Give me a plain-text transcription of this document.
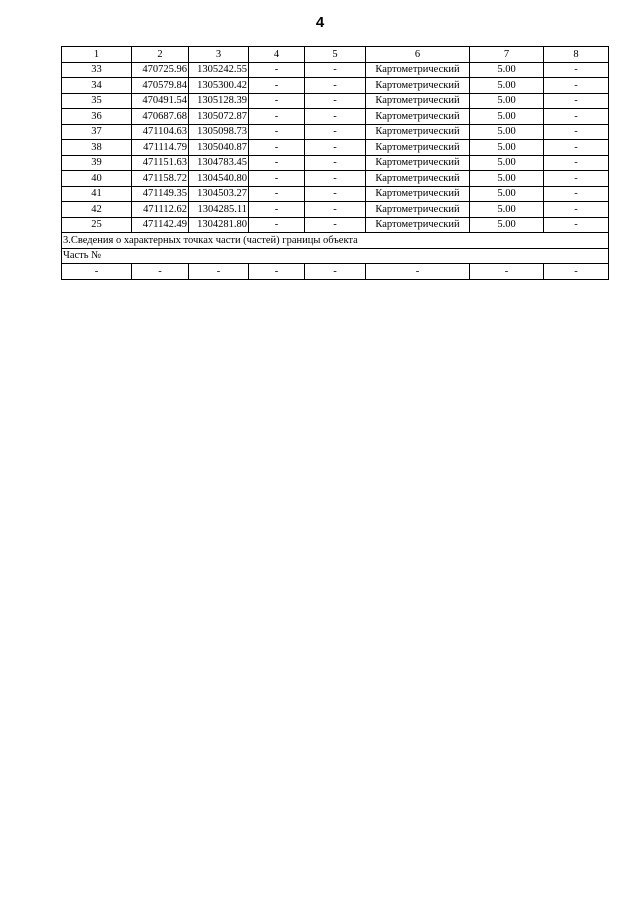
4
1	2	3	4	5	6	7	8
33	470725.96	1305242.55	-	-	Картометрический	5.00	-
34	470579.84	1305300.42	-	-	Картометрический	5.00	-
35	470491.54	1305128.39	-	-	Картометрический	5.00	-
36	470687.68	1305072.87	-	-	Картометрический	5.00	-
37	471104.63	1305098.73	-	-	Картометрический	5.00	-
38	471114.79	1305040.87	-	-	Картометрический	5.00	-
39	471151.63	1304783.45	-	-	Картометрический	5.00	-
40	471158.72	1304540.80	-	-	Картометрический	5.00	-
41	471149.35	1304503.27	-	-	Картометрический	5.00	-
42	471112.62	1304285.11	-	-	Картометрический	5.00	-
25	471142.49	1304281.80	-	-	Картометрический	5.00	-
3.Сведения о характерных точках части (частей) границы объекта							
Часть №							
-	-	-	-	-	-	-	-
